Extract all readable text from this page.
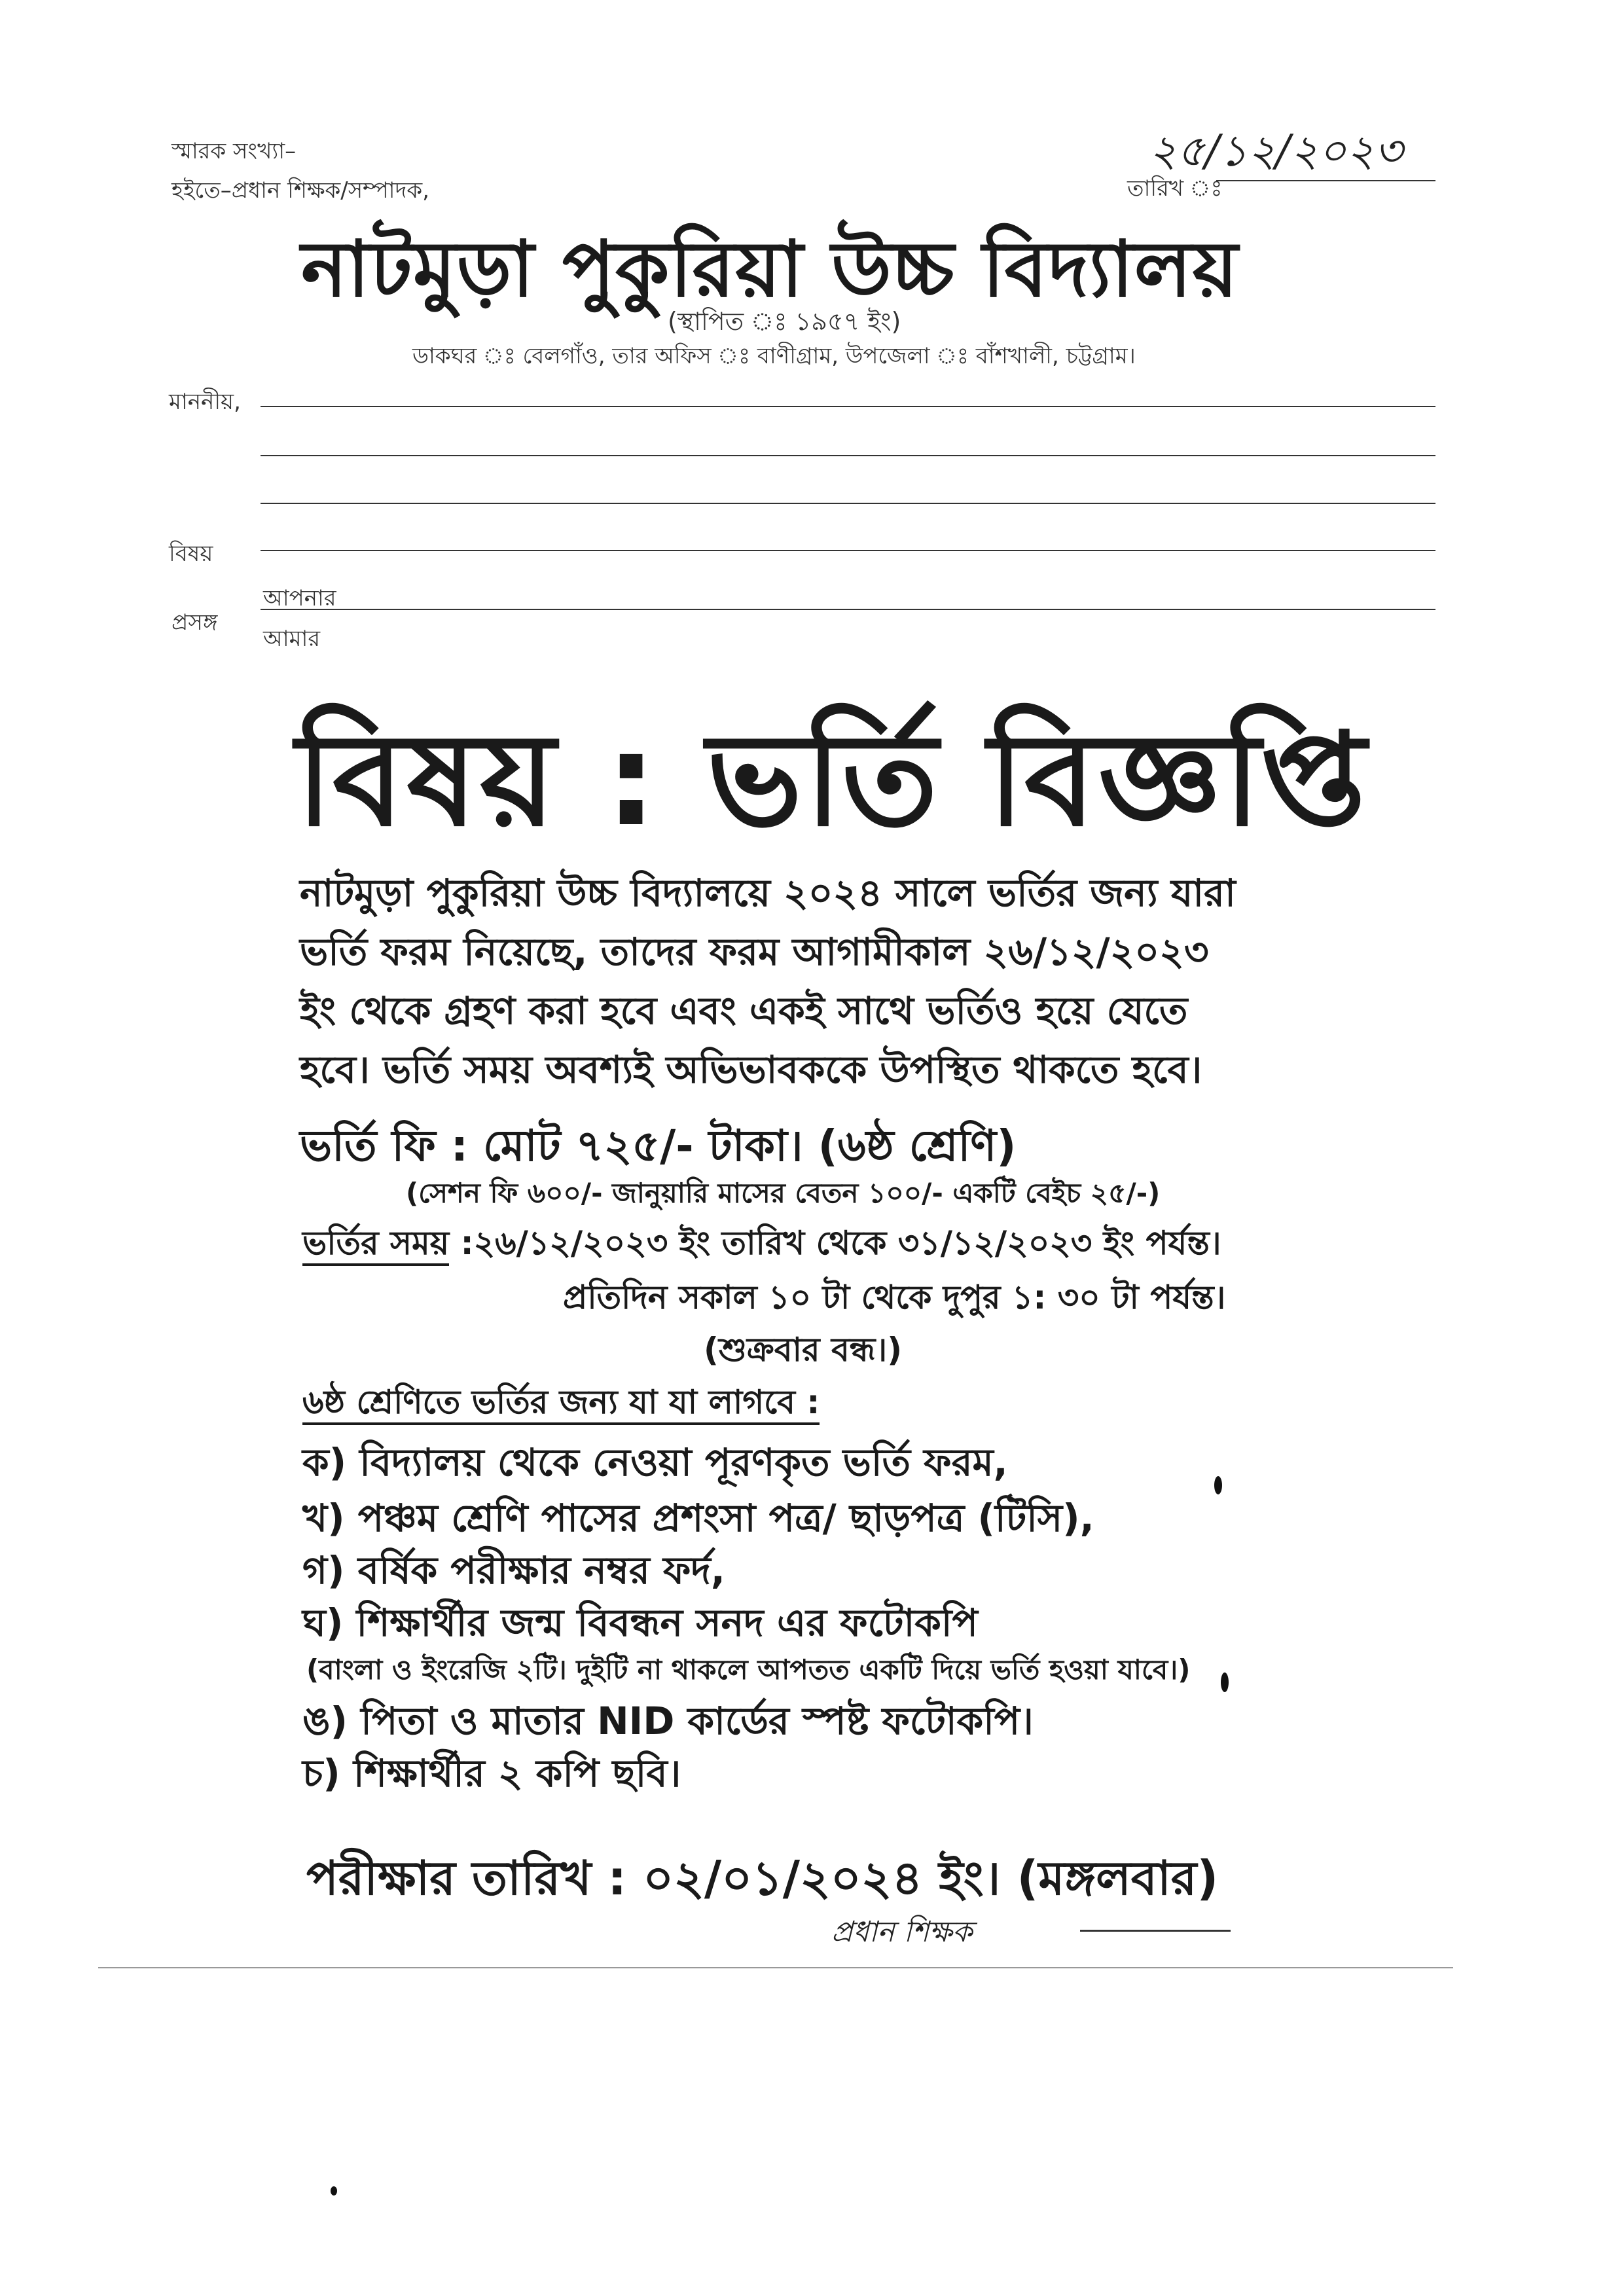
স্মারক সংখ্যা–
হইতে–প্রধান শিক্ষক/সম্পাদক,
২৫/১২/২০২৩
তারিখ ঃ
নাটমুড়া পুকুরিয়া উচ্চ বিদ্যালয়
(স্থাপিত ঃ ১৯৫৭ ইং)
ডাকঘর ঃ বেলগাঁও, তার অফিস ঃ বাণীগ্রাম, উপজেলা ঃ বাঁশখালী, চট্টগ্রাম।
মাননীয়,
বিষয়
প্রসঙ্গ
আপনার
আমার
বিষয় : ভর্তি বিজ্ঞপ্তি
নাটমুড়া পুকুরিয়া উচ্চ বিদ্যালয়ে ২০২৪ সালে ভর্তির জন্য যারা
ভর্তি ফরম নিয়েছে, তাদের ফরম আগামীকাল ২৬/১২/২০২৩
ইং থেকে গ্রহণ করা হবে এবং একই সাথে ভর্তিও হয়ে যেতে
হবে। ভর্তি সময় অবশ্যই অভিভাবককে উপস্থিত থাকতে হবে।
ভর্তি ফি : মোট ৭২৫/- টাকা। (৬ষ্ঠ শ্রেণি)
(সেশন ফি ৬০০/- জানুয়ারি মাসের বেতন ১০০/- একটি বেইচ ২৫/-)
ভর্তির সময় :২৬/১২/২০২৩ ইং তারিখ থেকে ৩১/১২/২০২৩ ইং পর্যন্ত।
প্রতিদিন সকাল ১০ টা থেকে দুপুর ১: ৩০ টা পর্যন্ত।
(শুক্রবার বন্ধ।)
৬ষ্ঠ শ্রেণিতে ভর্তির জন্য যা যা লাগবে :
ক) বিদ্যালয় থেকে নেওয়া পূরণকৃত ভর্তি ফরম,
খ) পঞ্চম শ্রেণি পাসের প্রশংসা পত্র/ ছাড়পত্র (টিসি),
গ) বর্ষিক পরীক্ষার নম্বর ফর্দ,
ঘ) শিক্ষার্থীর জন্ম বিবন্ধন সনদ এর ফটোকপি
(বাংলা ও ইংরেজি ২টি। দুইটি না থাকলে আপতত একটি দিয়ে ভর্তি হওয়া যাবে।)
ঙ) পিতা ও মাতার NID কার্ডের স্পষ্ট ফটোকপি।
চ) শিক্ষার্থীর ২ কপি ছবি।
পরীক্ষার তারিখ : ০২/০১/২০২৪ ইং। (মঙ্গলবার)
প্রধান শিক্ষক
